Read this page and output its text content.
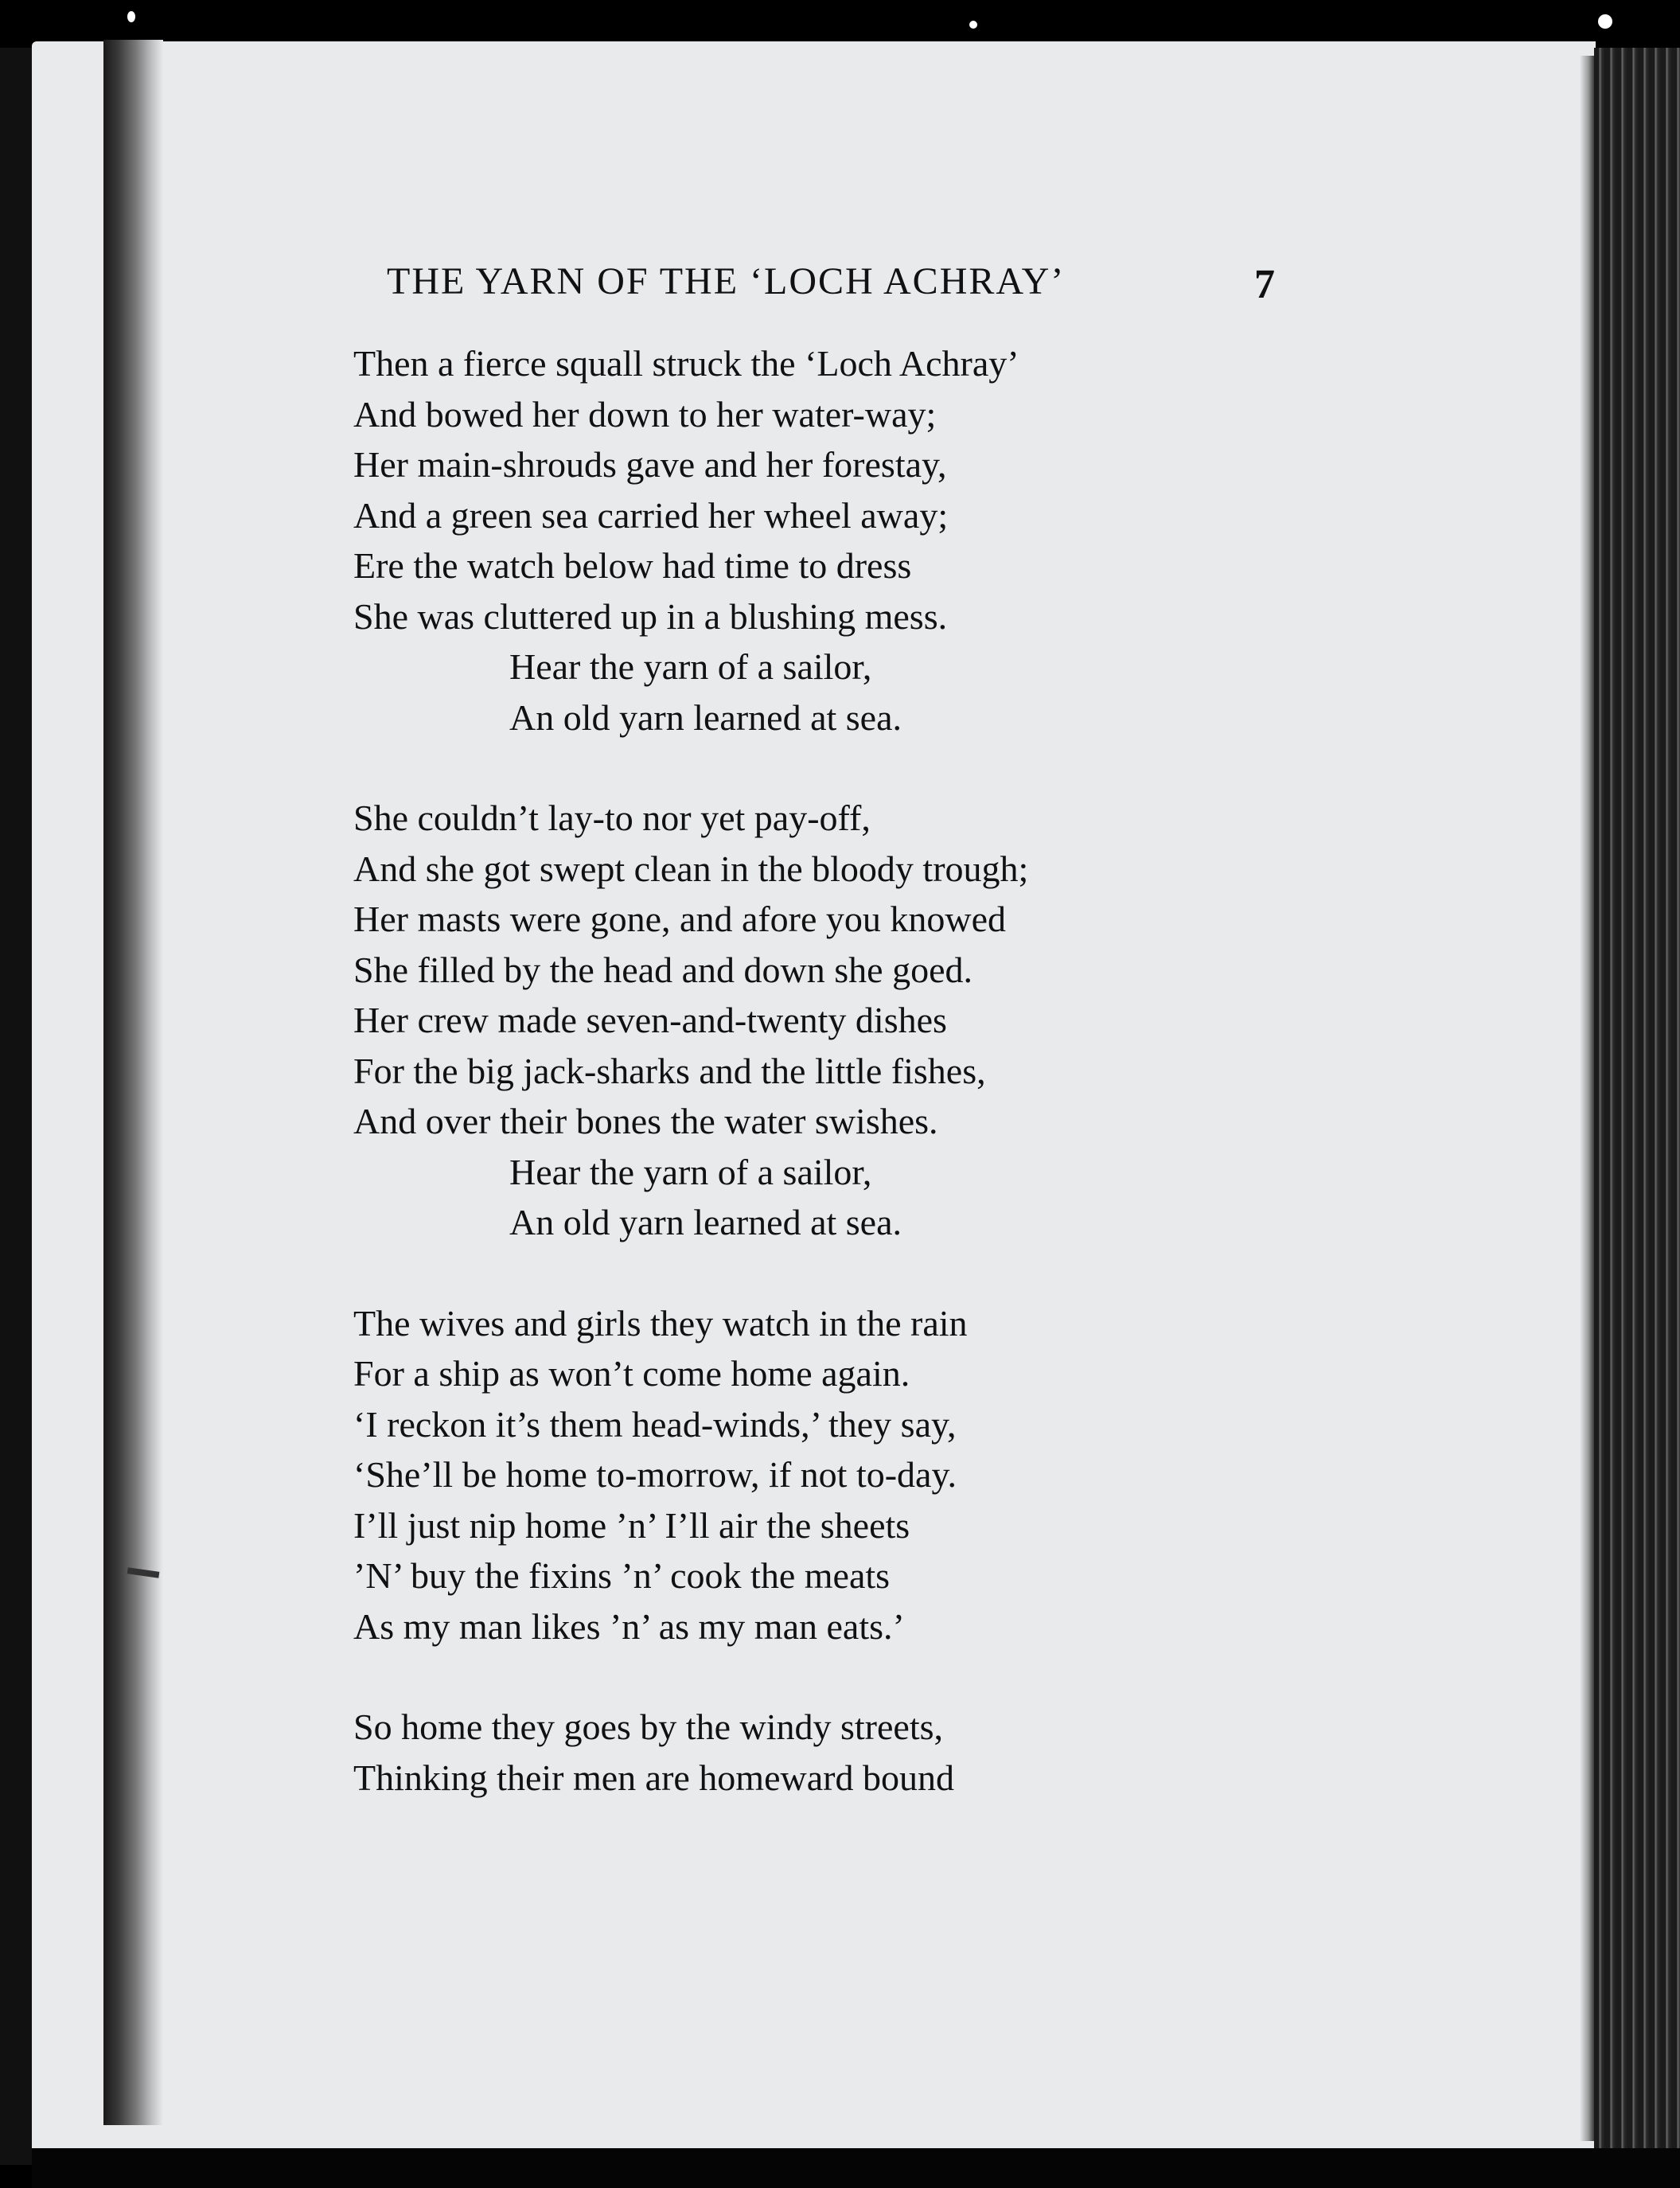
THE YARN OF THE ‘LOCH ACHRAY’	7
Then a fierce squall struck the ‘Loch Achray’
And bowed her down to her water-way;
Her main-shrouds gave and her forestay,
And a green sea carried her wheel away;
Ere the watch below had time to dress
She was cluttered up in a blushing mess.
Hear the yarn of a sailor,
An old yarn learned at sea.
She couldn’t lay-to nor yet pay-off,
And she got swept clean in the bloody trough;
Her masts were gone, and afore you knowed
She filled by the head and down she goed.
Her crew made seven-and-twenty dishes
For the big jack-sharks and the little fishes,
And over their bones the water swishes.
Hear the yarn of a sailor,
An old yarn learned at sea.
The wives and girls they watch in the rain
For a ship as won’t come home again.
‘I reckon it’s them head-winds,’ they say,
‘She’ll be home to-morrow, if not to-day.
I’ll just nip home ’n’ I’ll air the sheets
’N’ buy the fixins ’n’ cook the meats
As my man likes ’n’ as my man eats.’
So home they goes by the windy streets,
Thinking their men are homeward bound
